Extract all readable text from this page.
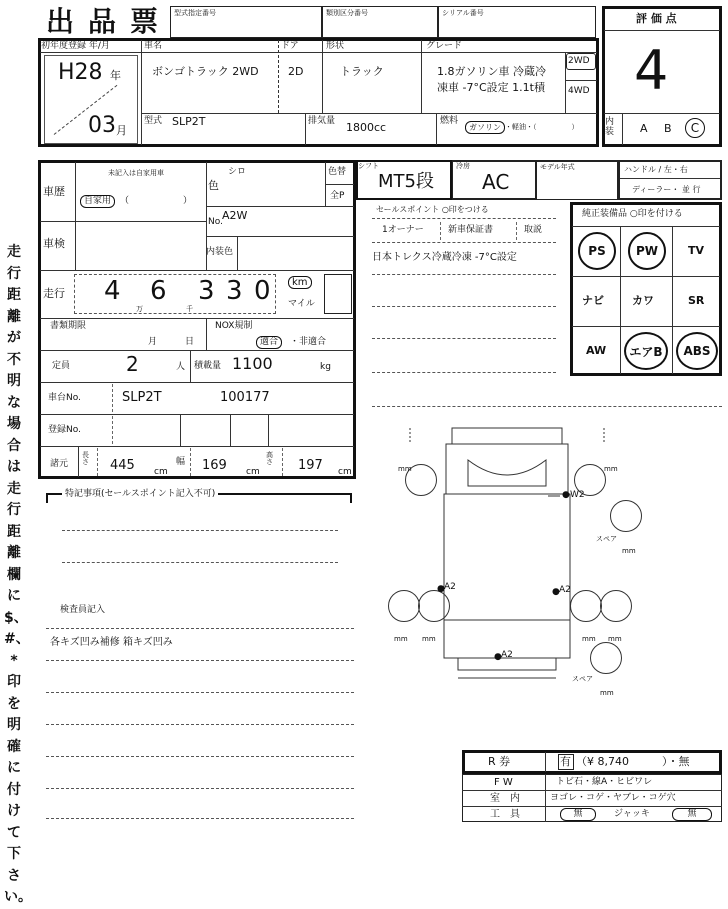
出品票 型式指定番号	類別区分番号	シリアル番号
初年度登録 年/月
H28 年
03 月
車名
ボンゴトラック 2WD
ドア
2D
形状
トラック
グレード
1.8ガソリン車 冷蔵冷
凍車 -7°C設定 1.1t積
2WD
4WD
型式 SLP2T	排気量 1800cc	燃料
ガソリン ・軽油・（　　　　　）
評 価 点
4
内装 A B C
未記入は自家用車
車歴
自家用 （　　　　　　）
色
シロ	色替
全P
No. A2W
内装色
車検
走行 4
万
6
千
3 3 0	km
マイル
書類期限
月	日
NOX規制
適合	・非適合
定員	2	人 積載量 1100	kg
車台No.	SLP2T	100177
登録No.
諸元
長さ 445 cm
幅 169 cm
高さ 197 cm
特記事項(セールスポイント記入不可)
検査員記入
各キズ凹み補修 箱キズ凹み
シフト
MT5段
冷房
AC
モデル年式	ハンドル / 左・右
ディーラー・ 並 行
セールスポイント ○印をつける
1オーナー	新車保証書	取説
日本トレクス冷蔵冷凍 -7°C設定
純正装備品 ○印を付ける
PS	PW	TV
ナビ	カワ	SR
AW エアB ABS
● W2
● A2	● A2
● A2
スペア
mm
スペア
mm
mm	mm
mm mm	mm mm
R 券	有 （¥ 8,740　　　）・無
F W	トビ石・線A・ヒビワレ
室　内	ヨゴレ・コゲ・ヤブレ・コゲ穴
工　具	無	ジャッキ	無
走行距離が不明な場合は走行距離欄に$、#、*印を明確に付けて下さい。
